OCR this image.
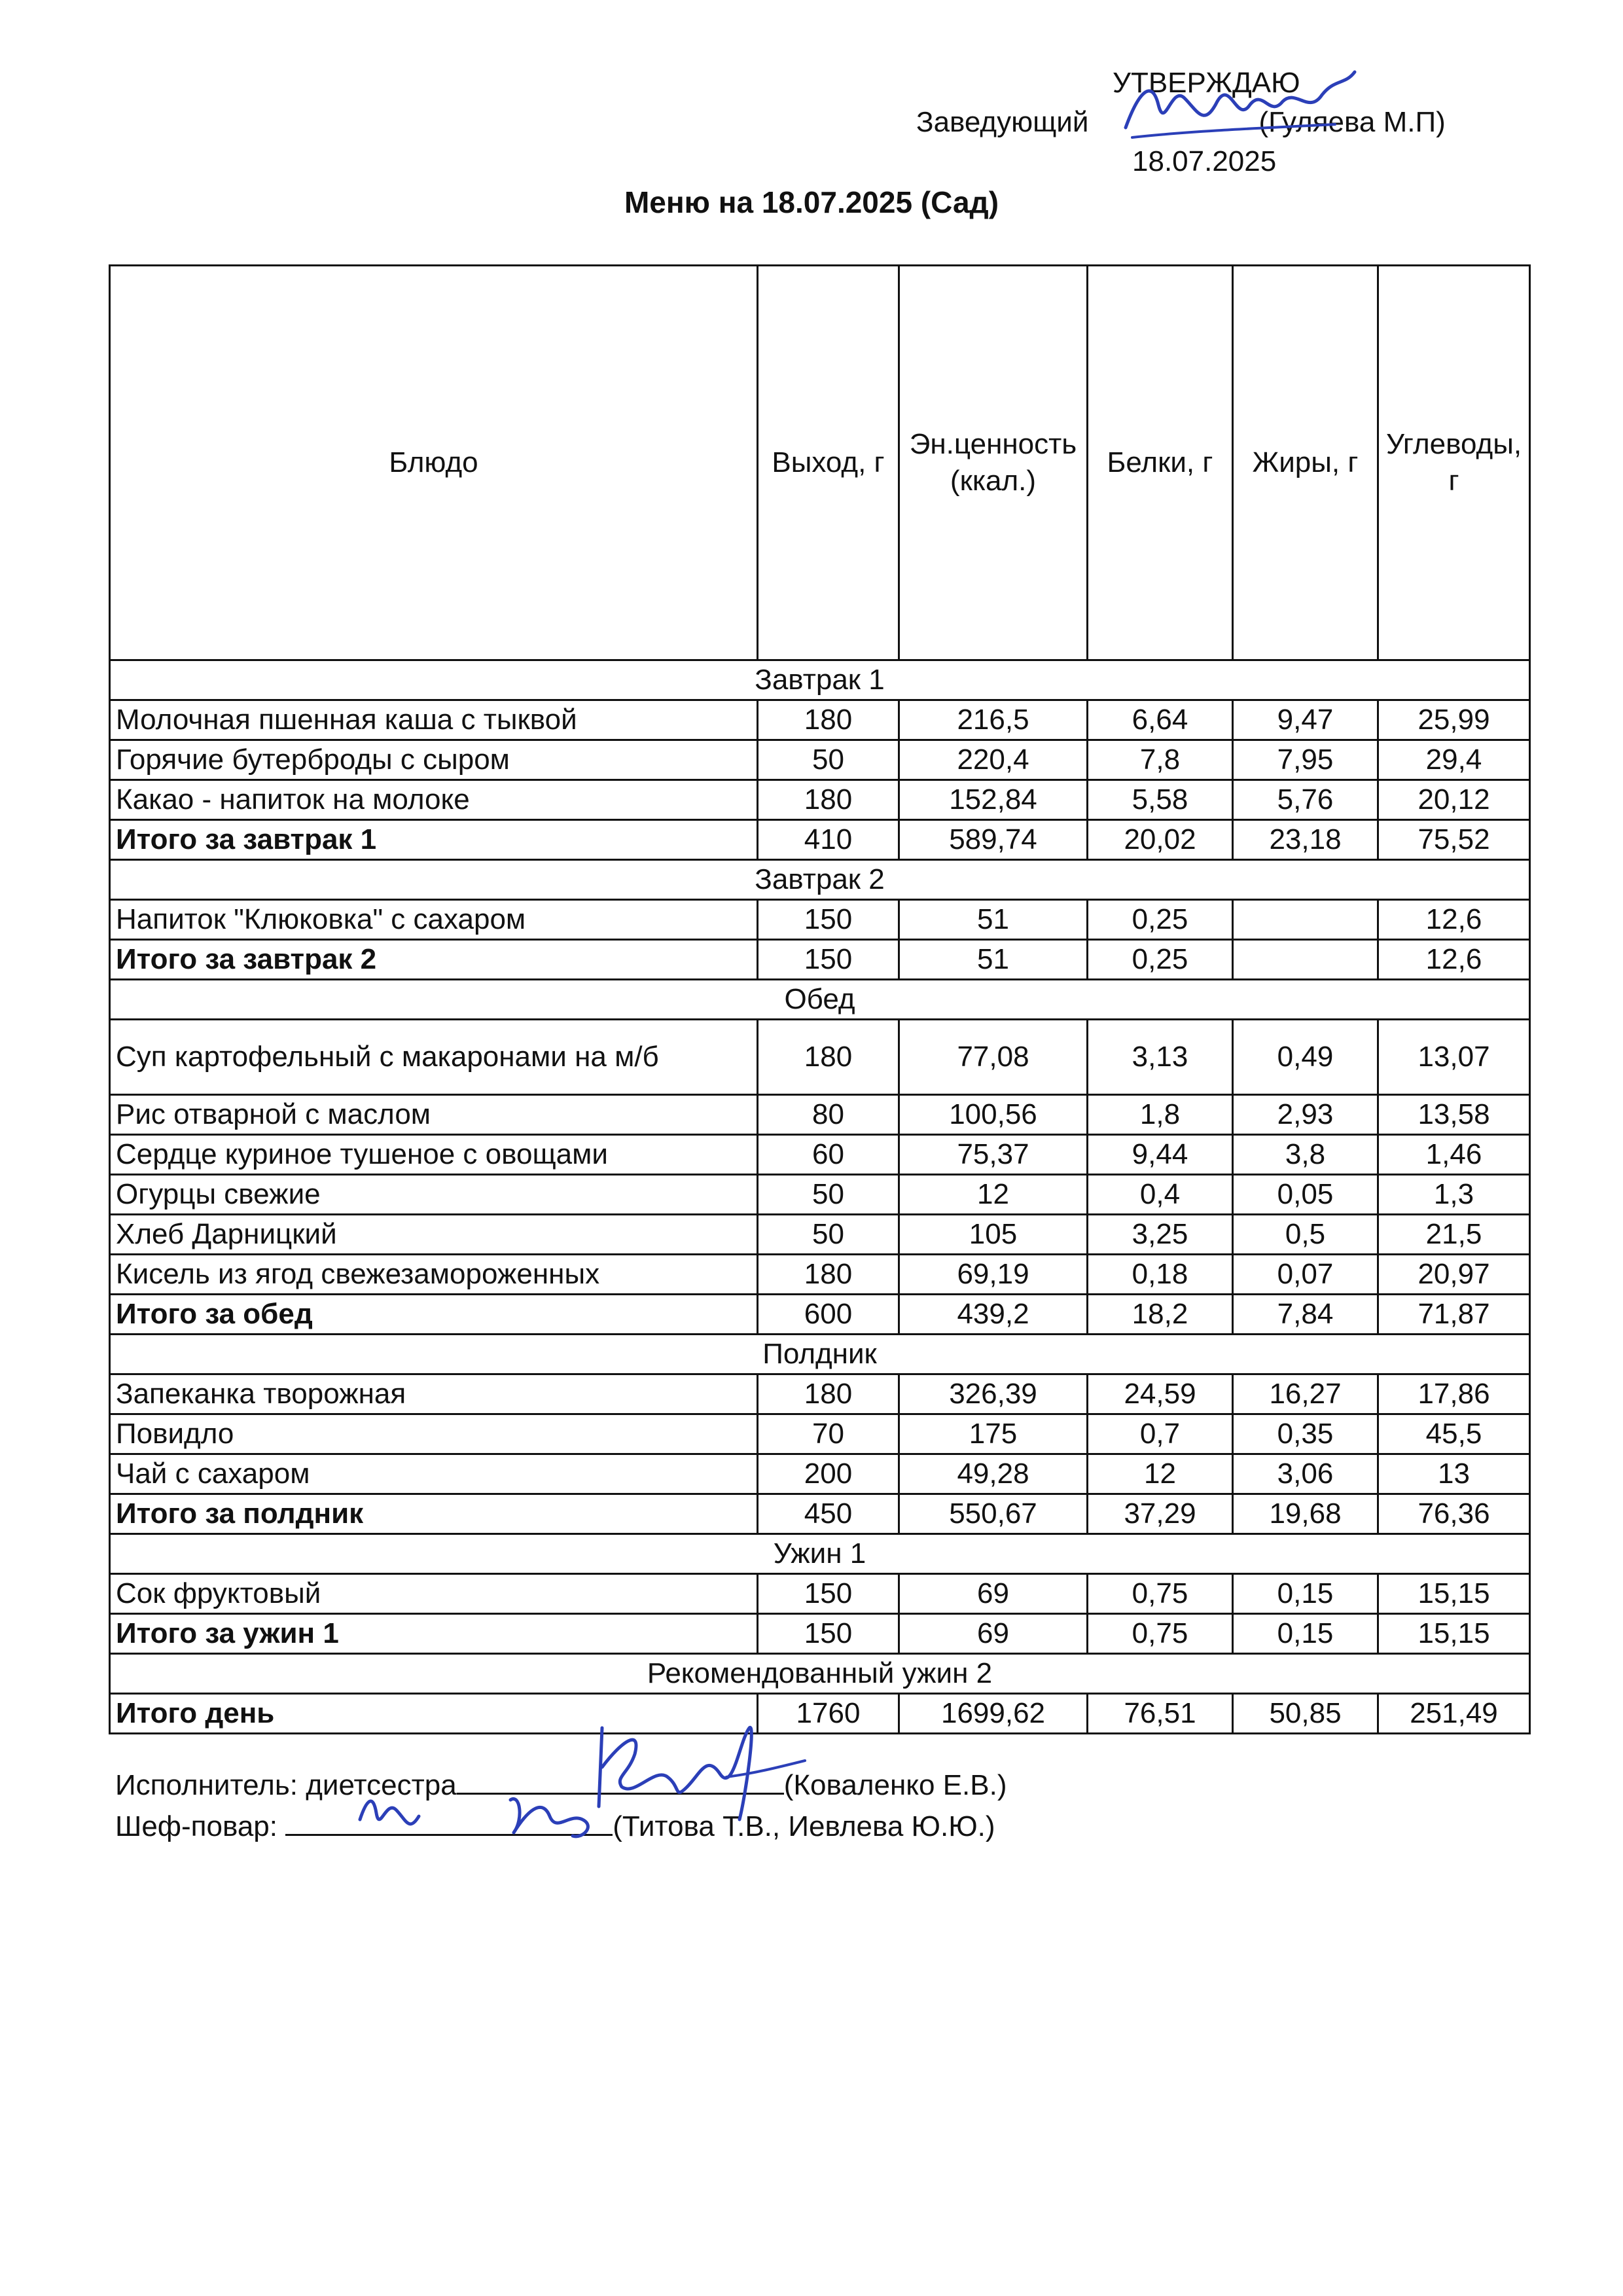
УТВЕРЖДАЮ
Заведующий	(Гуляева М.П)
18.07.2025
Меню на 18.07.2025 (Сад)
Блюдо	Выход, г	Эн.ценность (ккал.)	Белки, г	Жиры, г	Углеводы, г
Завтрак 1					
Молочная пшенная каша с тыквой	180	216,5	6,64	9,47	25,99
Горячие бутерброды с сыром	50	220,4	7,8	7,95	29,4
Какао - напиток на молоке	180	152,84	5,58	5,76	20,12
Итого за завтрак 1	410	589,74	20,02	23,18	75,52
Завтрак 2					
Напиток "Клюковка" с сахаром	150	51	0,25		12,6
Итого за завтрак 2	150	51	0,25		12,6
Обед					
Суп картофельный с макаронами на м/б	180	77,08	3,13	0,49	13,07
Рис отварной с маслом	80	100,56	1,8	2,93	13,58
Сердце куриное тушеное с овощами	60	75,37	9,44	3,8	1,46
Огурцы свежие	50	12	0,4	0,05	1,3
Хлеб Дарницкий	50	105	3,25	0,5	21,5
Кисель из ягод свежезамороженных	180	69,19	0,18	0,07	20,97
Итого за обед	600	439,2	18,2	7,84	71,87
Полдник					
Запеканка творожная	180	326,39	24,59	16,27	17,86
Повидло	70	175	0,7	0,35	45,5
Чай с сахаром	200	49,28	12	3,06	13
Итого за полдник	450	550,67	37,29	19,68	76,36
Ужин 1					
Сок фруктовый	150	69	0,75	0,15	15,15
Итого за ужин 1	150	69	0,75	0,15	15,15
Рекомендованный ужин 2					
Итого день	1760	1699,62	76,51	50,85	251,49
Исполнитель: диетсестра	(Коваленко Е.В.)
Шеф-повар:	(Титова Т.В., Иевлева Ю.Ю.)
